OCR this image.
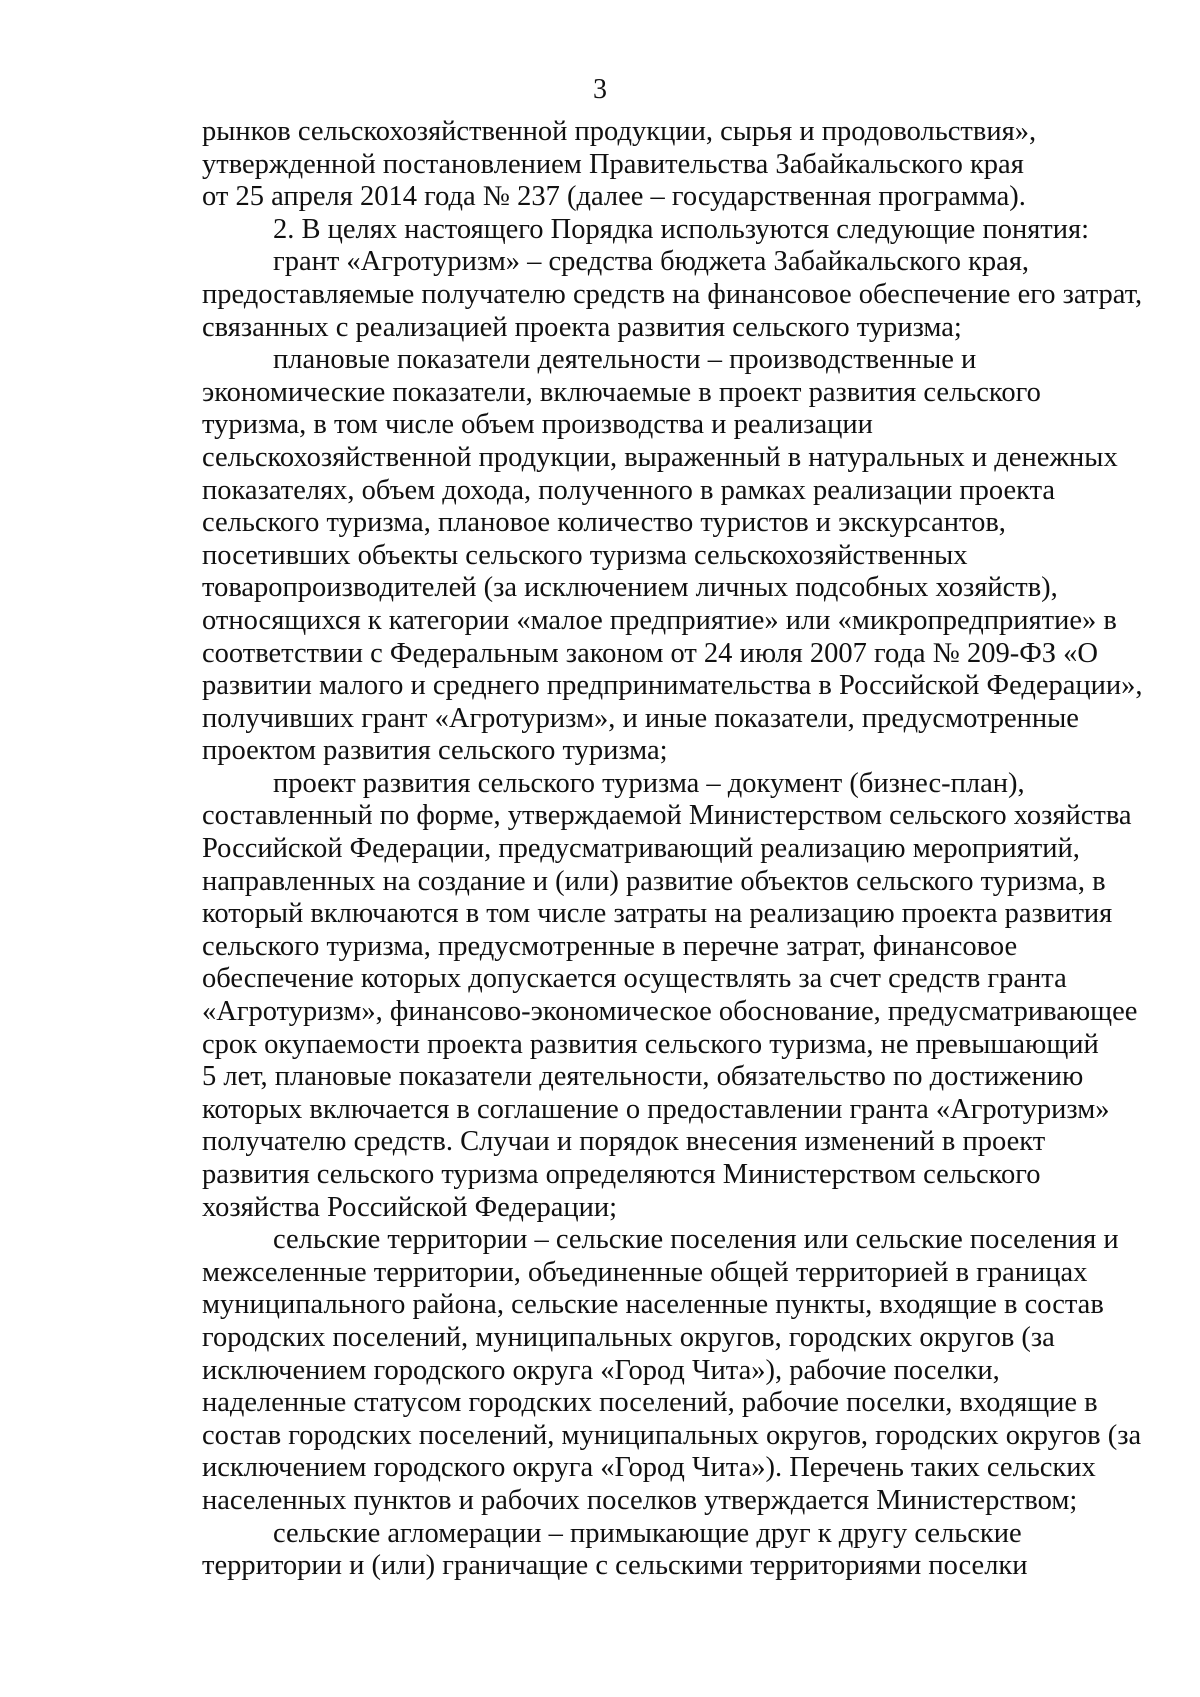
3
рынков сельскохозяйственной продукции, сырья и продовольствия»,
утвержденной постановлением Правительства Забайкальского края
от 25 апреля 2014 года № 237 (далее – государственная программа).
2. В целях настоящего Порядка используются следующие понятия:
грант «Агротуризм» – средства бюджета Забайкальского края,
предоставляемые получателю средств на финансовое обеспечение его затрат,
связанных с реализацией проекта развития сельского туризма;
плановые показатели деятельности – производственные и
экономические показатели, включаемые в проект развития сельского
туризма, в том числе объем производства и реализации
сельскохозяйственной продукции, выраженный в натуральных и денежных
показателях, объем дохода, полученного в рамках реализации проекта
сельского туризма, плановое количество туристов и экскурсантов,
посетивших объекты сельского туризма сельскохозяйственных
товаропроизводителей (за исключением личных подсобных хозяйств),
относящихся к категории «малое предприятие» или «микропредприятие» в
соответствии с Федеральным законом от 24 июля 2007 года № 209-ФЗ «О
развитии малого и среднего предпринимательства в Российской Федерации»,
получивших грант «Агротуризм», и иные показатели, предусмотренные
проектом развития сельского туризма;
проект развития сельского туризма – документ (бизнес-план),
составленный по форме, утверждаемой Министерством сельского хозяйства
Российской Федерации, предусматривающий реализацию мероприятий,
направленных на создание и (или) развитие объектов сельского туризма, в
который включаются в том числе затраты на реализацию проекта развития
сельского туризма, предусмотренные в перечне затрат, финансовое
обеспечение которых допускается осуществлять за счет средств гранта
«Агротуризм», финансово-экономическое обоснование, предусматривающее
срок окупаемости проекта развития сельского туризма, не превышающий
5 лет, плановые показатели деятельности, обязательство по достижению
которых включается в соглашение о предоставлении гранта «Агротуризм»
получателю средств. Случаи и порядок внесения изменений в проект
развития сельского туризма определяются Министерством сельского
хозяйства Российской Федерации;
сельские территории – сельские поселения или сельские поселения и
межселенные территории, объединенные общей территорией в границах
муниципального района, сельские населенные пункты, входящие в состав
городских поселений, муниципальных округов, городских округов (за
исключением городского округа «Город Чита»), рабочие поселки,
наделенные статусом городских поселений, рабочие поселки, входящие в
состав городских поселений, муниципальных округов, городских округов (за
исключением городского округа «Город Чита»). Перечень таких сельских
населенных пунктов и рабочих поселков утверждается Министерством;
сельские агломерации – примыкающие друг к другу сельские
территории и (или) граничащие с сельскими территориями поселки
